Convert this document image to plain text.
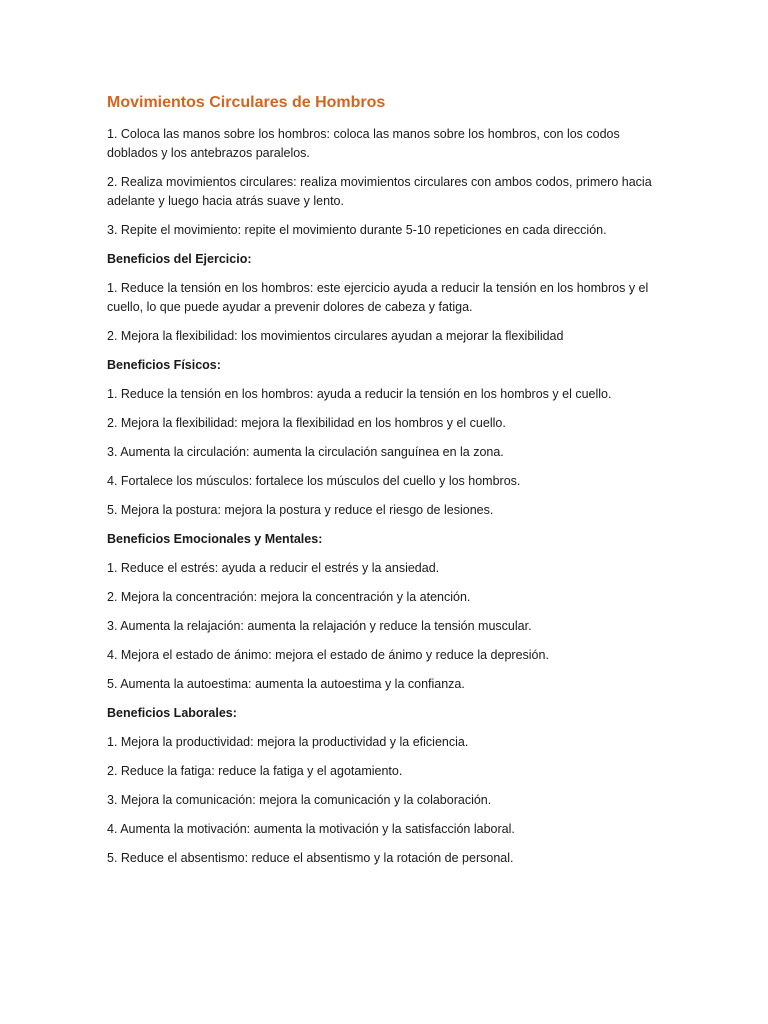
Movimientos Circulares de Hombros

1. Coloca las manos sobre los hombros: coloca las manos sobre los hombros, con los codos doblados y los antebrazos paralelos.

2. Realiza movimientos circulares: realiza movimientos circulares con ambos codos, primero hacia adelante y luego hacia atrás suave y lento.

3. Repite el movimiento: repite el movimiento durante 5-10 repeticiones en cada dirección.

Beneficios del Ejercicio:

1. Reduce la tensión en los hombros: este ejercicio ayuda a reducir la tensión en los hombros y el cuello, lo que puede ayudar a prevenir dolores de cabeza y fatiga.

2. Mejora la flexibilidad: los movimientos circulares ayudan a mejorar la flexibilidad

Beneficios Físicos:

1. Reduce la tensión en los hombros: ayuda a reducir la tensión en los hombros y el cuello.

2. Mejora la flexibilidad: mejora la flexibilidad en los hombros y el cuello.

3. Aumenta la circulación: aumenta la circulación sanguínea en la zona.

4. Fortalece los músculos: fortalece los músculos del cuello y los hombros.

5. Mejora la postura: mejora la postura y reduce el riesgo de lesiones.

Beneficios Emocionales y Mentales:

1. Reduce el estrés: ayuda a reducir el estrés y la ansiedad.

2. Mejora la concentración: mejora la concentración y la atención.

3. Aumenta la relajación: aumenta la relajación y reduce la tensión muscular.

4. Mejora el estado de ánimo: mejora el estado de ánimo y reduce la depresión.

5. Aumenta la autoestima: aumenta la autoestima y la confianza.

Beneficios Laborales:

1. Mejora la productividad: mejora la productividad y la eficiencia.

2. Reduce la fatiga: reduce la fatiga y el agotamiento.

3. Mejora la comunicación: mejora la comunicación y la colaboración.

4. Aumenta la motivación: aumenta la motivación y la satisfacción laboral.

5. Reduce el absentismo: reduce el absentismo y la rotación de personal.
